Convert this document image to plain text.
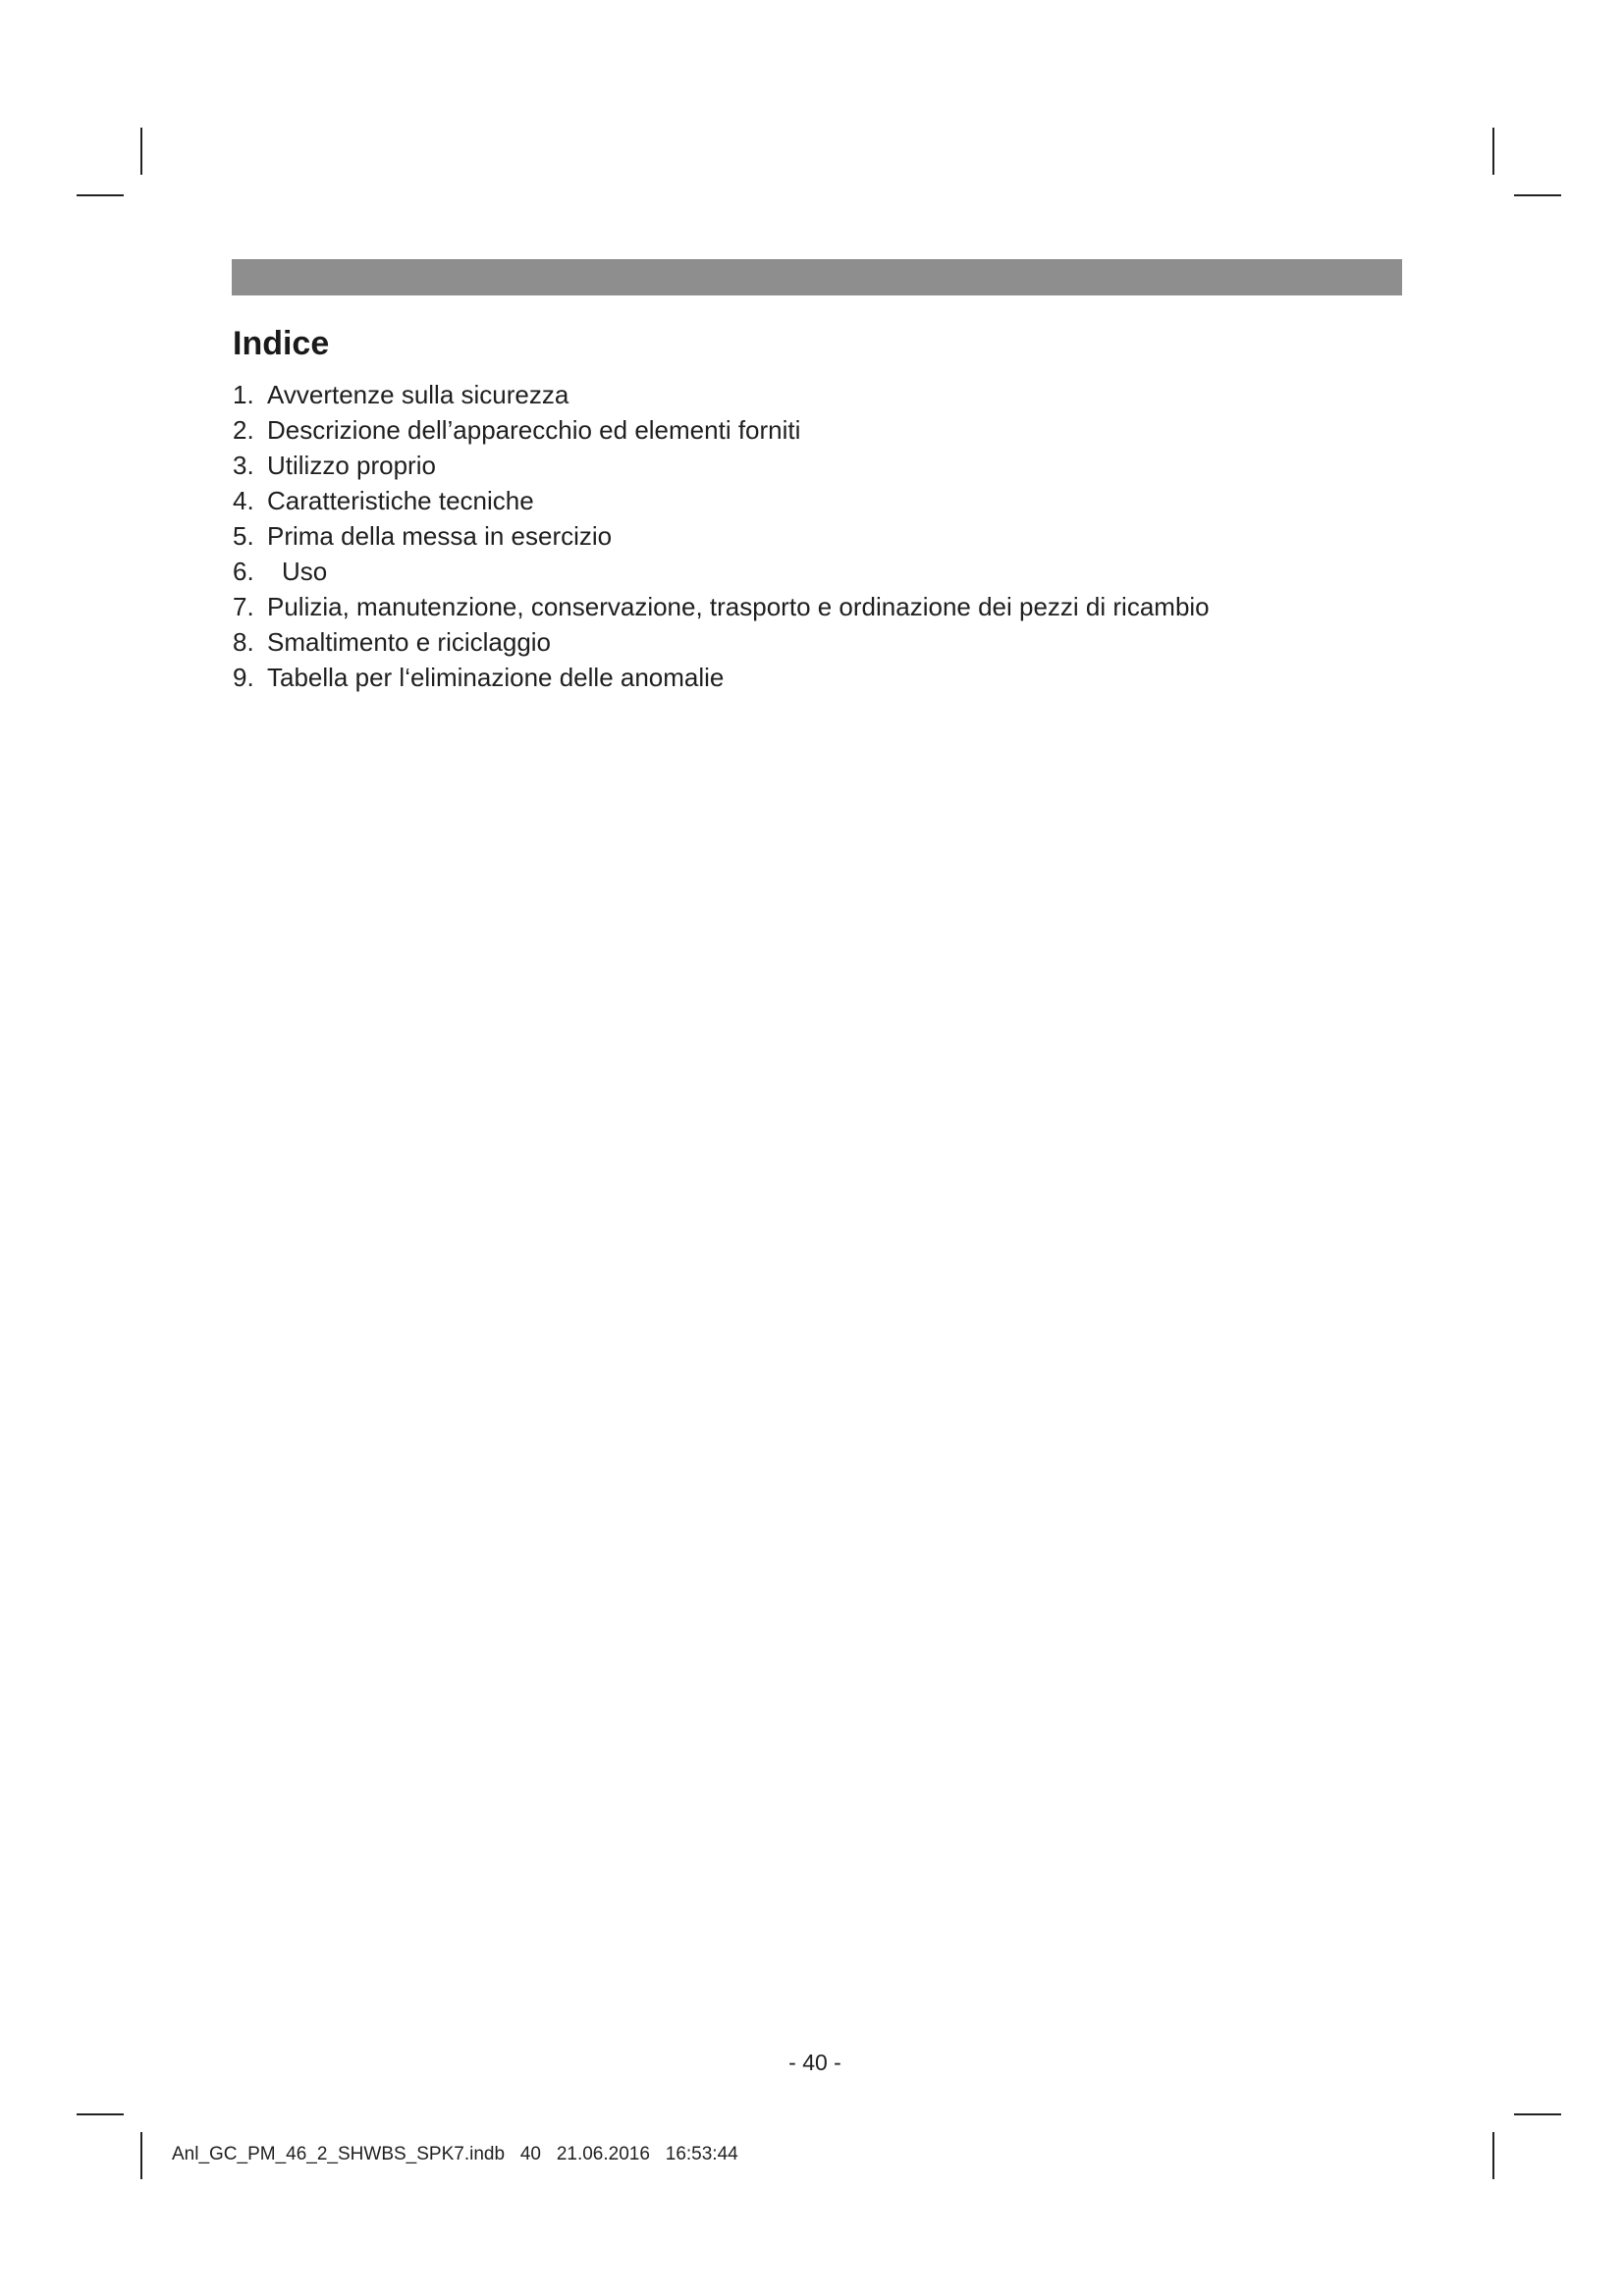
Indice
1. Avvertenze sulla sicurezza
2. Descrizione dell’apparecchio ed elementi forniti
3. Utilizzo proprio
4. Caratteristiche tecniche
5. Prima della messa in esercizio
6.	Uso
7. Pulizia, manutenzione, conservazione, trasporto e ordinazione dei pezzi di ricambio
8. Smaltimento e riciclaggio
9. Tabella per l‘eliminazione delle anomalie
- 40 -
Anl_GC_PM_46_2_SHWBS_SPK7.indb   40   21.06.2016   16:53:44
